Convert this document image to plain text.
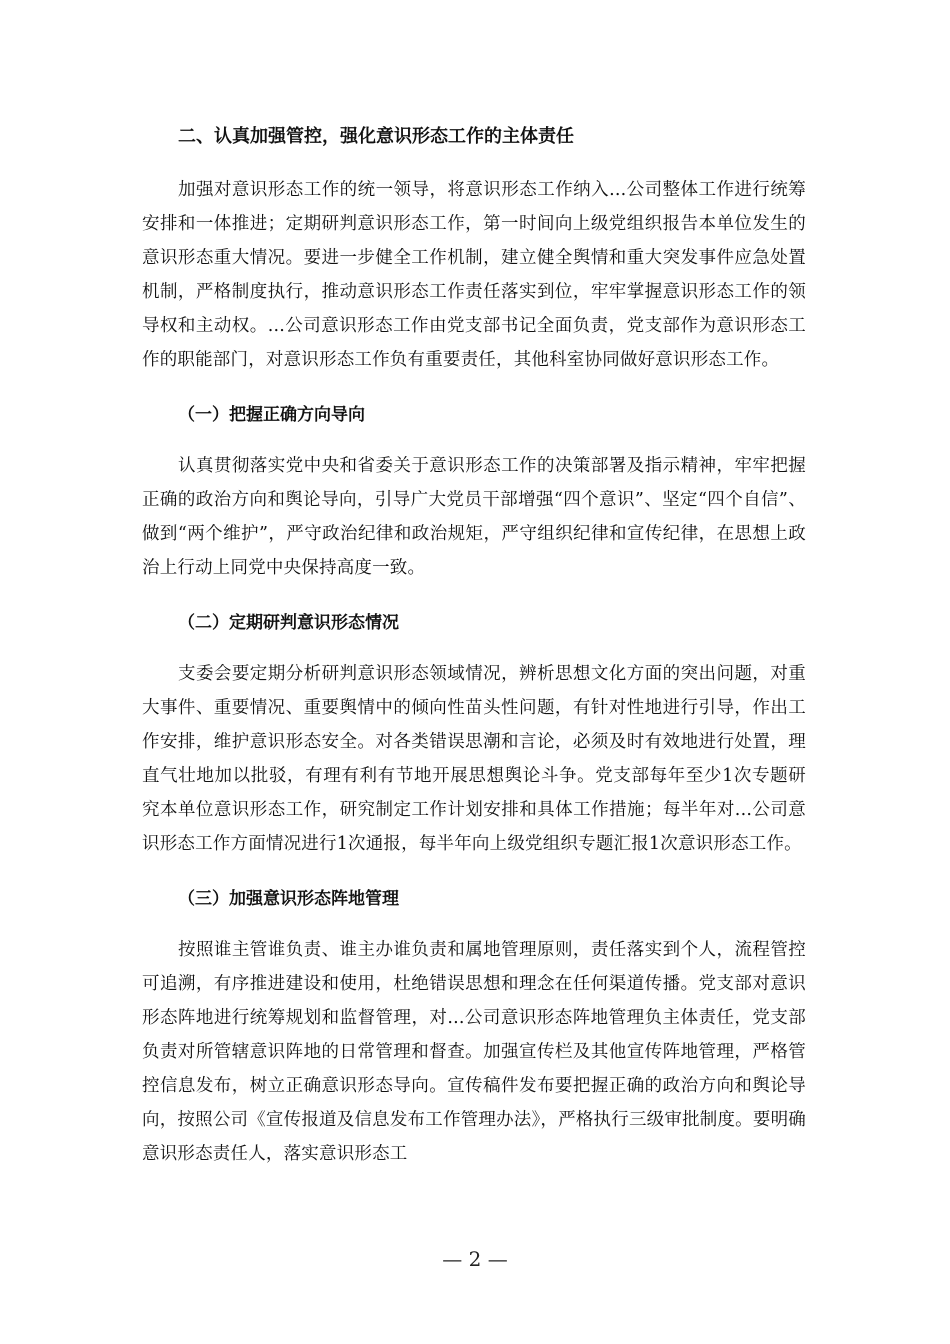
二、认真加强管控，强化意识形态工作的主体责任

加强对意识形态工作的统一领导，将意识形态工作纳入...公司整体工作进行统筹安排和一体推进；定期研判意识形态工作，第一时间向上级党组织报告本单位发生的意识形态重大情况。要进一步健全工作机制，建立健全舆情和重大突发事件应急处置机制，严格制度执行，推动意识形态工作责任落实到位，牢牢掌握意识形态工作的领导权和主动权。...公司意识形态工作由党支部书记全面负责，党支部作为意识形态工作的职能部门，对意识形态工作负有重要责任，其他科室协同做好意识形态工作。

（一）把握正确方向导向

认真贯彻落实党中央和省委关于意识形态工作的决策部署及指示精神，牢牢把握正确的政治方向和舆论导向，引导广大党员干部增强“四个意识”、坚定“四个自信”、做到“两个维护”，严守政治纪律和政治规矩，严守组织纪律和宣传纪律，在思想上政治上行动上同党中央保持高度一致。

（二）定期研判意识形态情况

支委会要定期分析研判意识形态领域情况，辨析思想文化方面的突出问题，对重大事件、重要情况、重要舆情中的倾向性苗头性问题，有针对性地进行引导，作出工作安排，维护意识形态安全。对各类错误思潮和言论，必须及时有效地进行处置，理直气壮地加以批驳，有理有利有节地开展思想舆论斗争。党支部每年至少1次专题研究本单位意识形态工作，研究制定工作计划安排和具体工作措施；每半年对...公司意识形态工作方面情况进行1次通报，每半年向上级党组织专题汇报1次意识形态工作。

（三）加强意识形态阵地管理

按照谁主管谁负责、谁主办谁负责和属地管理原则，责任落实到个人，流程管控可追溯，有序推进建设和使用，杜绝错误思想和理念在任何渠道传播。党支部对意识形态阵地进行统筹规划和监督管理，对...公司意识形态阵地管理负主体责任，党支部负责对所管辖意识阵地的日常管理和督查。加强宣传栏及其他宣传阵地管理，严格管控信息发布，树立正确意识形态导向。宣传稿件发布要把握正确的政治方向和舆论导向，按照公司《宣传报道及信息发布工作管理办法》，严格执行三级审批制度。要明确意识形态责任人，落实意识形态工

— 2 —
